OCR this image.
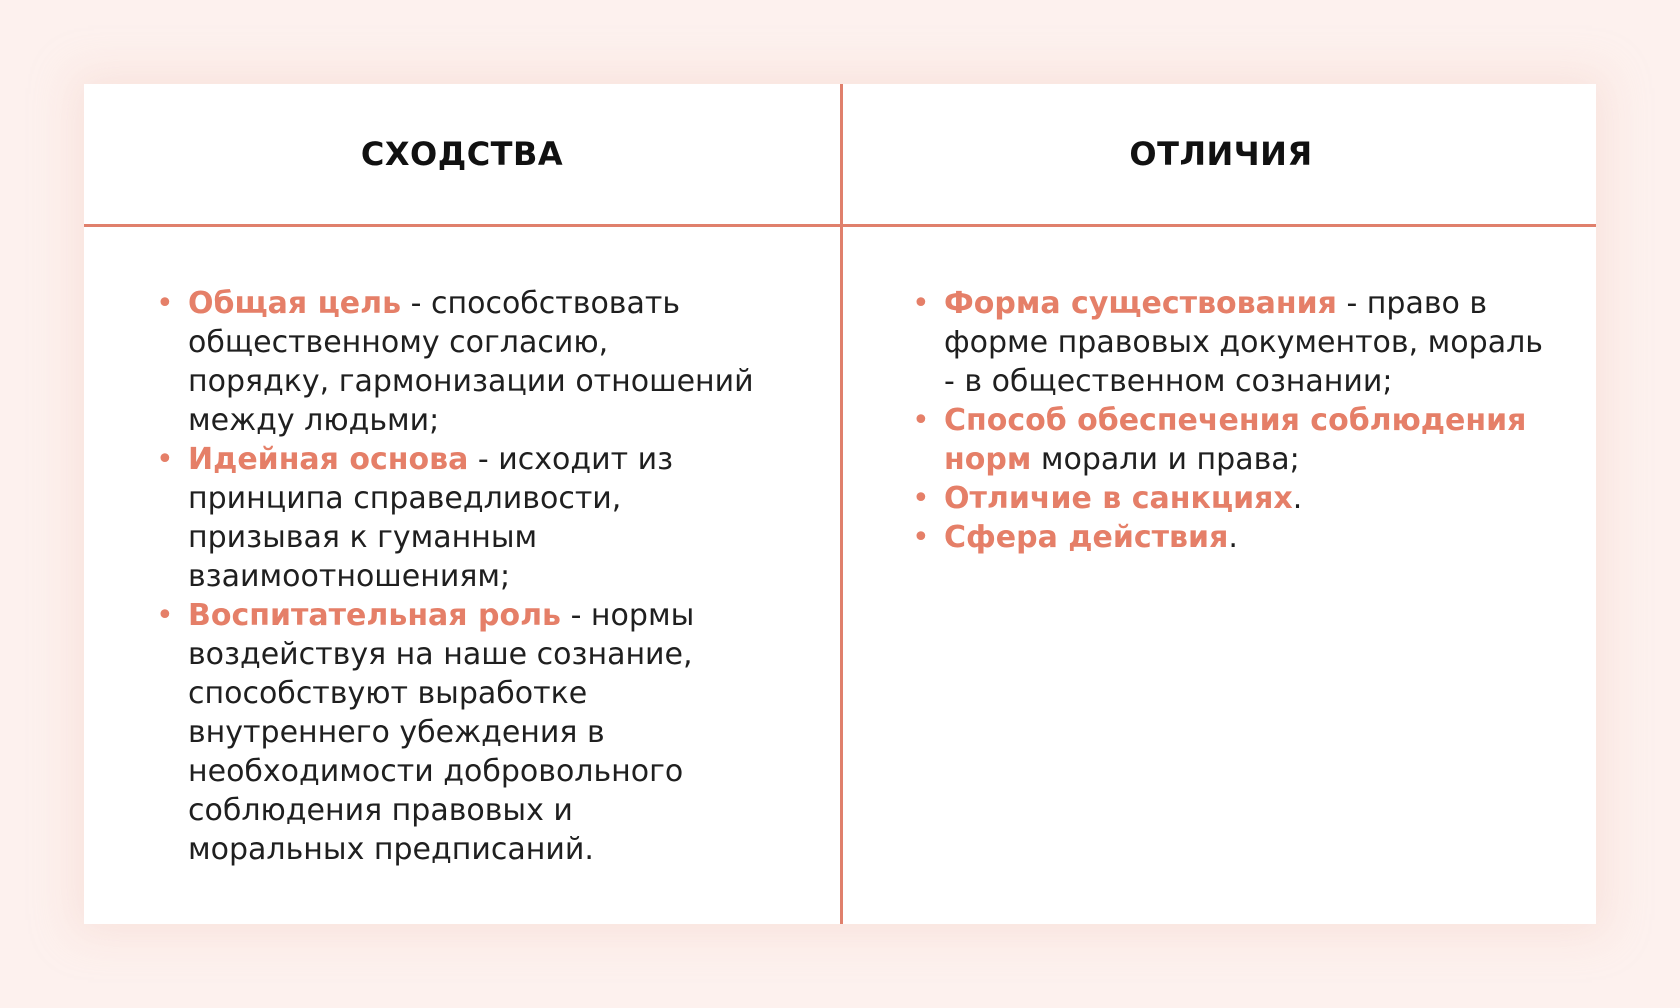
СХОДСТВА	ОТЛИЧИЯ
• Общая цель - способствовать общественному согласию, порядку, гармонизации отношений между людьми;
• Идейная основа - исходит из принципа справедливости, призывая к гуманным взаимоотношениям;
• Воспитательная роль - нормы воздействуя на наше сознание, способствуют выработке внутреннего убеждения в необходимости добровольного соблюдения правовых и моральных предписаний.
• Форма существования - право в форме правовых документов, мораль - в общественном сознании;
• Способ обеспечения соблюдения норм морали и права;
• Отличие в санкциях.
• Сфера действия.
